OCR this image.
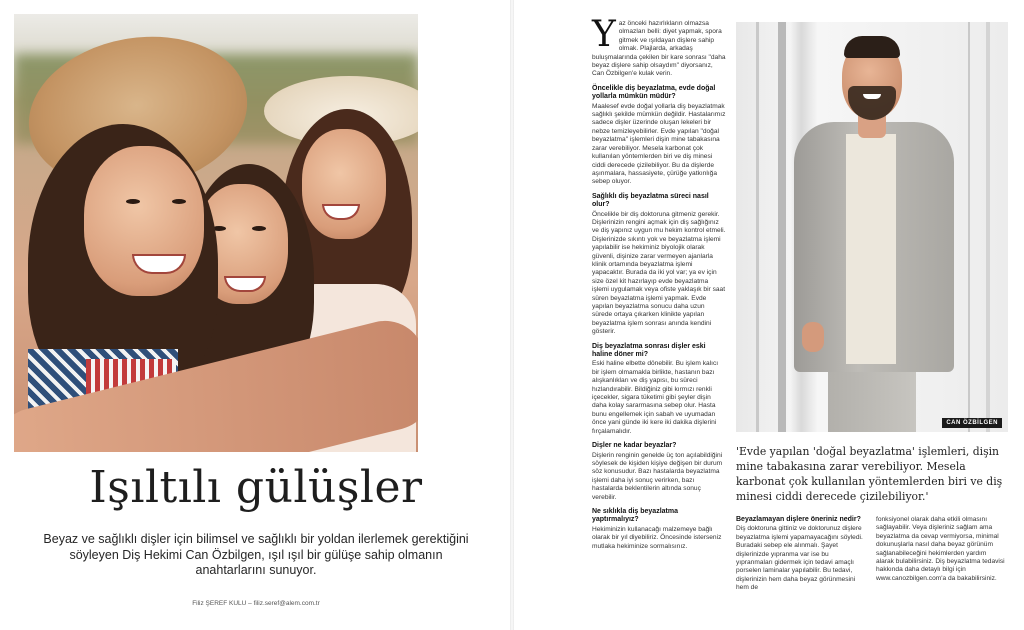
Işıltılı gülüşler
Beyaz ve sağlıklı dişler için bilimsel ve sağlıklı bir yoldan ilerlemek gerektiğini söyleyen Diş Hekimi Can Özbilgen, ışıl ışıl bir gülüşe sahip olmanın anahtarlarını sunuyor.
Filiz ŞEREF KULU – filiz.seref@alem.com.tr

Yaz önceki hazırlıkların olmazsa olmazları belli: diyet yapmak, spora gitmek ve ışıldayan dişlere sahip olmak. Plajlarda, arkadaş buluşmalarında çekilen bir kare sonrası "daha beyaz dişlere sahip olsaydım" diyorsanız, Can Özbilgen'e kulak verin.

Öncelikle diş beyazlatma, evde doğal yollarla mümkün müdür?

Maalesef evde doğal yollarla diş beyazlatmak sağlıklı şekilde mümkün değildir. Hastalarımız sadece dişler üzerinde oluşan lekeleri bir nebze temizleyebilirler. Evde yapılan "doğal beyazlatma" işlemleri dişin mine tabakasına zarar verebiliyor. Mesela karbonat çok kullanılan yöntemlerden biri ve diş minesi ciddi derecede çizilebiliyor. Bu da dişlerde aşınmalara, hassasiyete, çürüğe yatkınlığa sebep oluyor.

Sağlıklı diş beyazlatma süreci nasıl olur?

Öncelikle bir diş doktoruna gitmeniz gerekir. Dişlerinizin rengini açmak için diş sağlığınız ve diş yapınız uygun mu hekim kontrol etmeli. Dişlerinizde sıkıntı yok ve beyazlatma işlemi yapılabilir ise hekiminiz biyolojik olarak güvenli, dişinize zarar vermeyen ajanlarla klinik ortamında beyazlatma işlemi yapacaktır. Burada da iki yol var; ya ev için size özel kit hazırlayıp evde beyazlatma işlemi uygulamak veya ofiste yaklaşık bir saat süren beyazlatma işlemi yapmak. Evde yapılan beyazlatma sonucu daha uzun sürede ortaya çıkarken klinikte yapılan beyazlatma işlem sonrası anında kendini gösterir.

Diş beyazlatma sonrası dişler eski haline döner mi?

Eski haline elbette dönebilir. Bu işlem kalıcı bir işlem olmamakla birlikte, hastanın bazı alışkanlıkları ve diş yapısı, bu süreci hızlandırabilir. Bildiğiniz gibi kırmızı renkli içecekler, sigara tüketimi gibi şeyler dişin daha kolay sararmasına sebep olur. Hasta bunu engellemek için sabah ve uyumadan önce yani günde iki kere iki dakika dişlerini fırçalamalıdır.

Dişler ne kadar beyazlar?

Dişlerin renginin genelde üç ton açılabildiğini söylesek de kişiden kişiye değişen bir durum söz konusudur. Bazı hastalarda beyazlatma işlemi daha iyi sonuç verirken, bazı hastalarda beklentilerin altında sonuç verebilir.

Ne sıklıkla diş beyazlatma yaptırmalıyız?

Hekiminizin kullanacağı malzemeye bağlı olarak bir yıl diyebiliriz. Öncesinde isterseniz mutlaka hekiminize sormalısınız.

CAN ÖZBİLGEN
'Evde yapılan 'doğal beyazlatma' işlemleri, dişin mine tabakasına zarar verebiliyor. Mesela karbonat çok kullanılan yöntemlerden biri ve diş minesi ciddi derecede çizilebiliyor.'
Beyazlamayan dişlere öneriniz nedir?

Diş doktoruna gittiniz ve doktorunuz dişlere beyazlatma işlemi yapamayacağını söyledi. Buradaki sebep ele alınmalı. Şayet dişlerinizde yıpranma var ise bu yıpranmaları gidermek için tedavi amaçlı porselen laminalar yapılabilir. Bu tedavi, dişlerinizin hem daha beyaz görünmesini hem de

fonksiyonel olarak daha etkili olmasını sağlayabilir. Veya dişleriniz sağlam ama beyazlatma da cevap vermiyorsa, minimal dokunuşlarla nasıl daha beyaz görünüm sağlanabileceğini hekimlerden yardım alarak bulabilirsiniz. Diş beyazlatma tedavisi hakkında daha detaylı bilgi için www.canozbilgen.com'a da bakabilirsiniz.
